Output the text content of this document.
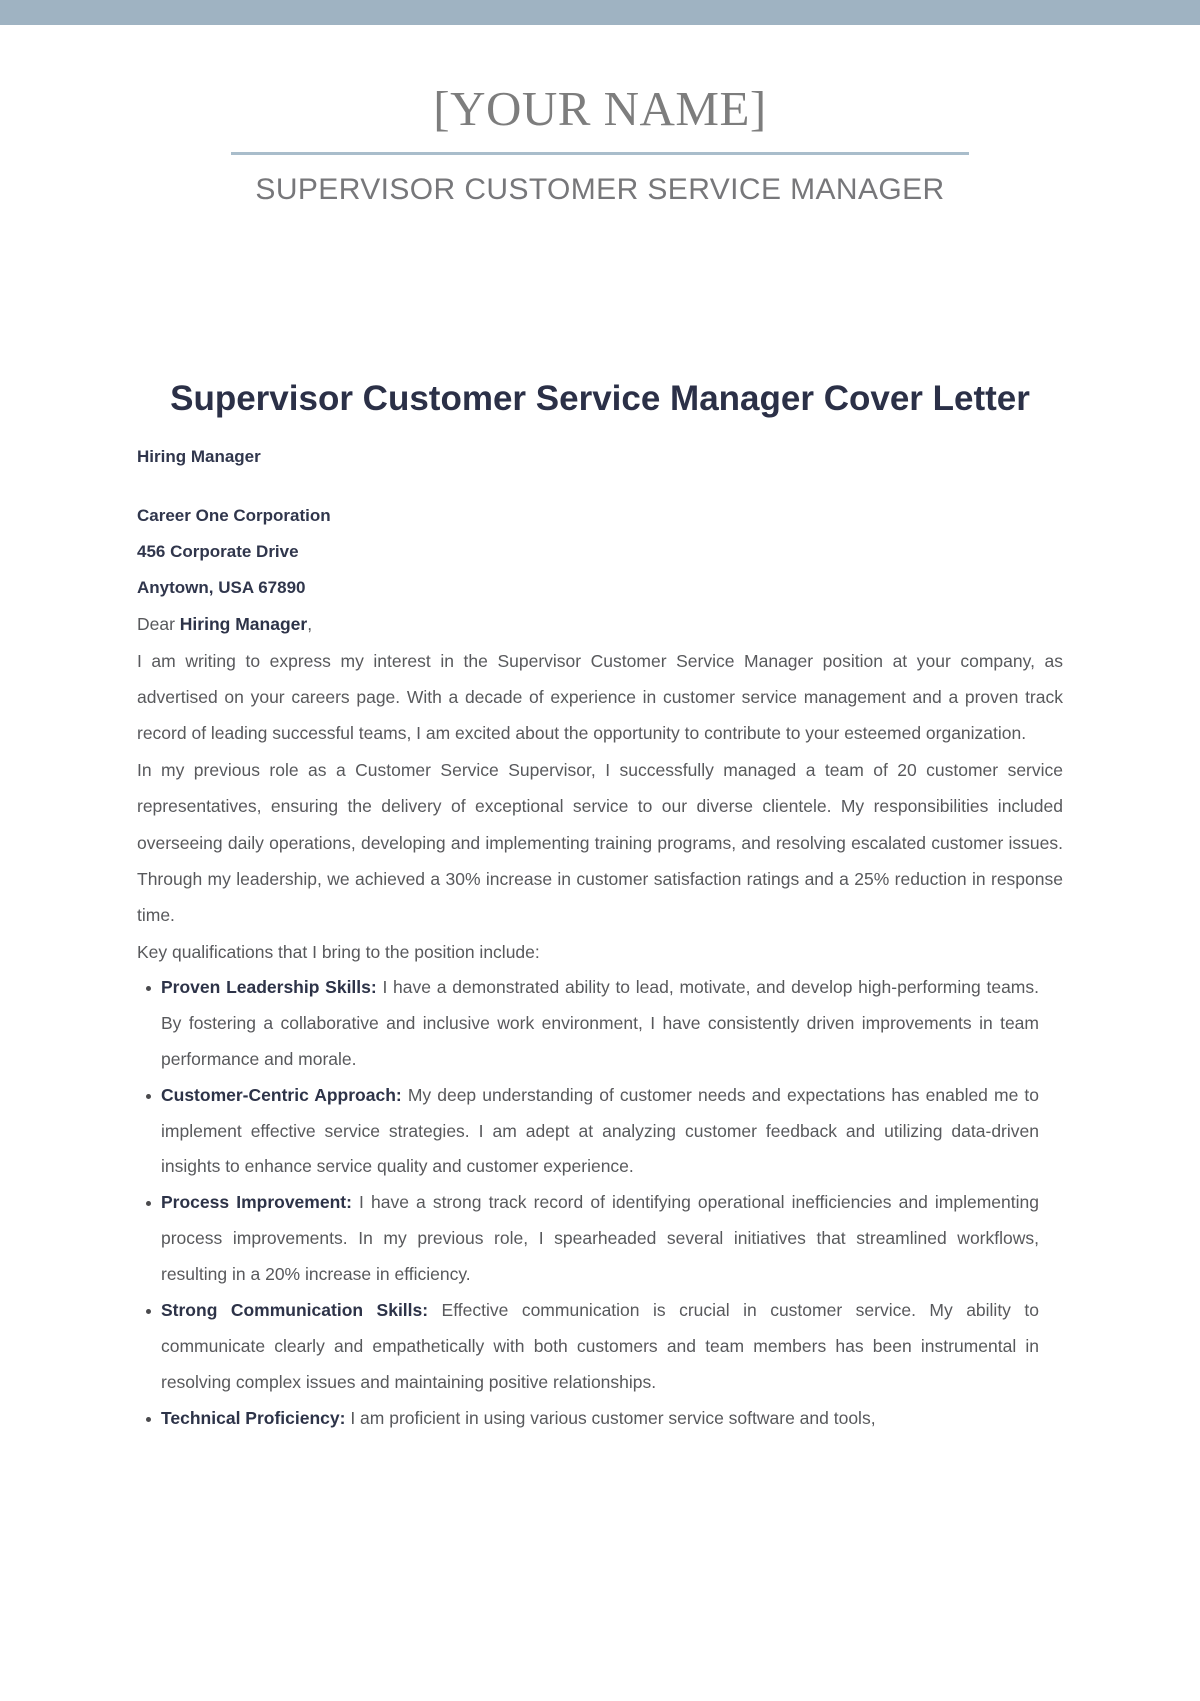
[YOUR NAME]
SUPERVISOR CUSTOMER SERVICE MANAGER
Supervisor Customer Service Manager Cover Letter
Hiring Manager
Career One Corporation
456 Corporate Drive
Anytown, USA 67890

Dear Hiring Manager,

I am writing to express my interest in the Supervisor Customer Service Manager position at your company, as advertised on your careers page. With a decade of experience in customer service management and a proven track record of leading successful teams, I am excited about the opportunity to contribute to your esteemed organization.

In my previous role as a Customer Service Supervisor, I successfully managed a team of 20 customer service representatives, ensuring the delivery of exceptional service to our diverse clientele. My responsibilities included overseeing daily operations, developing and implementing training programs, and resolving escalated customer issues. Through my leadership, we achieved a 30% increase in customer satisfaction ratings and a 25% reduction in response time.

Key qualifications that I bring to the position include:

Proven Leadership Skills: I have a demonstrated ability to lead, motivate, and develop high-performing teams. By fostering a collaborative and inclusive work environment, I have consistently driven improvements in team performance and morale.
Customer-Centric Approach: My deep understanding of customer needs and expectations has enabled me to implement effective service strategies. I am adept at analyzing customer feedback and utilizing data-driven insights to enhance service quality and customer experience.
Process Improvement: I have a strong track record of identifying operational inefficiencies and implementing process improvements. In my previous role, I spearheaded several initiatives that streamlined workflows, resulting in a 20% increase in efficiency.
Strong Communication Skills: Effective communication is crucial in customer service. My ability to communicate clearly and empathetically with both customers and team members has been instrumental in resolving complex issues and maintaining positive relationships.
Technical Proficiency: I am proficient in using various customer service software and tools,
